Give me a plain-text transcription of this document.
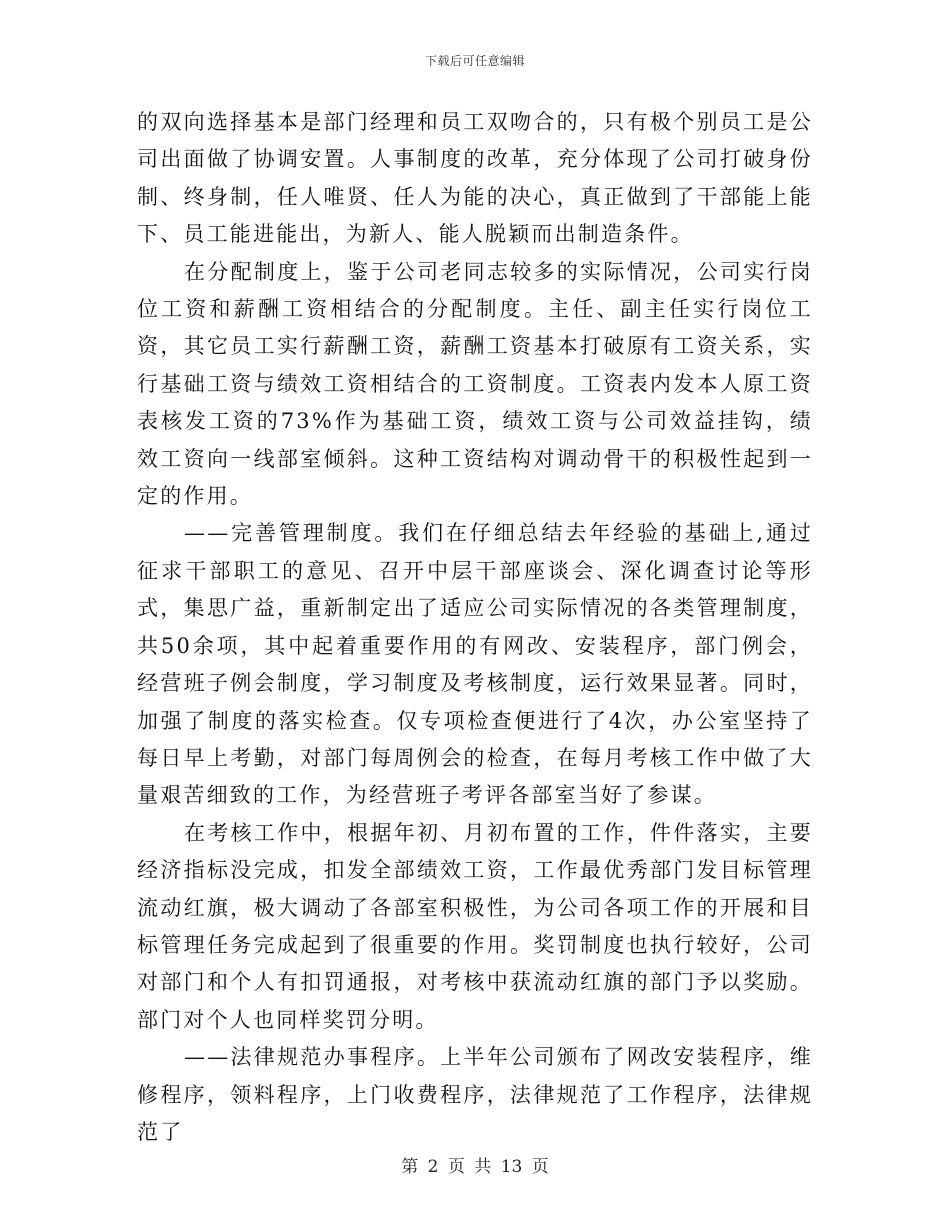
下载后可任意编辑

的双向选择基本是部门经理和员工双吻合的，只有极个别员工是公司出面做了协调安置。人事制度的改革，充分体现了公司打破身份制、终身制，任人唯贤、任人为能的决心，真正做到了干部能上能下、员工能进能出，为新人、能人脱颖而出制造条件。

在分配制度上，鉴于公司老同志较多的实际情况，公司实行岗位工资和薪酬工资相结合的分配制度。主任、副主任实行岗位工资，其它员工实行薪酬工资，薪酬工资基本打破原有工资关系，实行基础工资与绩效工资相结合的工资制度。工资表内发本人原工资表核发工资的73%作为基础工资，绩效工资与公司效益挂钩，绩效工资向一线部室倾斜。这种工资结构对调动骨干的积极性起到一定的作用。

——完善管理制度。我们在仔细总结去年经验的基础上,通过征求干部职工的意见、召开中层干部座谈会、深化调查讨论等形式，集思广益，重新制定出了适应公司实际情况的各类管理制度，共50余项，其中起着重要作用的有网改、安装程序，部门例会，经营班子例会制度，学习制度及考核制度，运行效果显著。同时，加强了制度的落实检查。仅专项检查便进行了4次，办公室坚持了每日早上考勤，对部门每周例会的检查，在每月考核工作中做了大量艰苦细致的工作，为经营班子考评各部室当好了参谋。

在考核工作中，根据年初、月初布置的工作，件件落实，主要经济指标没完成，扣发全部绩效工资，工作最优秀部门发目标管理流动红旗，极大调动了各部室积极性，为公司各项工作的开展和目标管理任务完成起到了很重要的作用。奖罚制度也执行较好，公司对部门和个人有扣罚通报，对考核中获流动红旗的部门予以奖励。部门对个人也同样奖罚分明。

——法律规范办事程序。上半年公司颁布了网改安装程序，维修程序，领料程序，上门收费程序，法律规范了工作程序，法律规范了

第 2 页 共 13 页
